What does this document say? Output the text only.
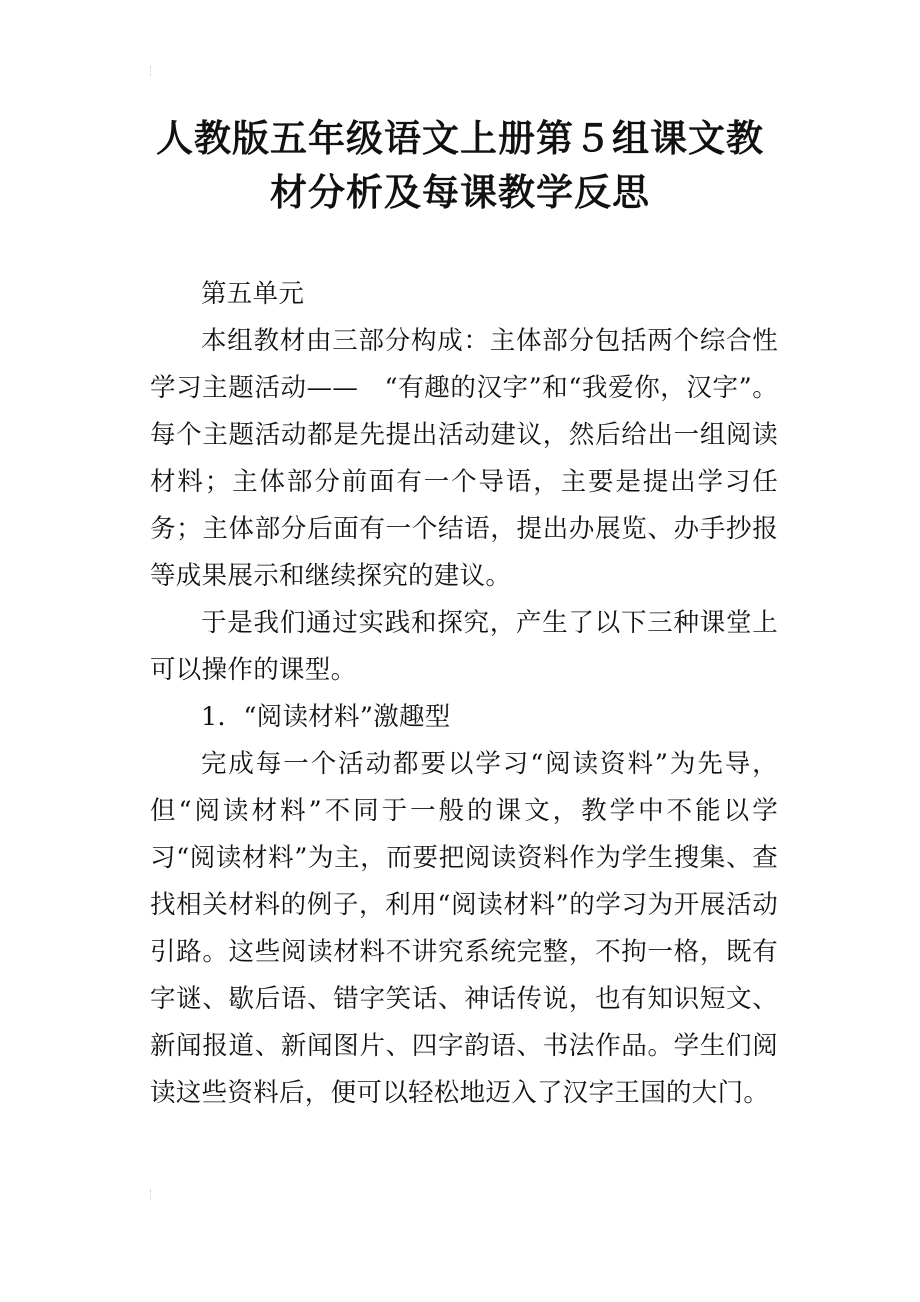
人教版五年级语文上册第５组课文教材分析及每课教学反思

第五单元

本组教材由三部分构成：主体部分包括两个综合性学习主题活动——　“有趣的汉字”和“我爱你，汉字”。每个主题活动都是先提出活动建议，然后给出一组阅读材料；主体部分前面有一个导语，主要是提出学习任务；主体部分后面有一个结语，提出办展览、办手抄报等成果展示和继续探究的建议。

于是我们通过实践和探究，产生了以下三种课堂上可以操作的课型。

1．“阅读材料”激趣型

完成每一个活动都要以学习“阅读资料”为先导，但“阅读材料”不同于一般的课文，教学中不能以学习“阅读材料”为主，而要把阅读资料作为学生搜集、查找相关材料的例子，利用“阅读材料”的学习为开展活动引路。这些阅读材料不讲究系统完整，不拘一格，既有字谜、歇后语、错字笑话、神话传说，也有知识短文、新闻报道、新闻图片、四字韵语、书法作品。学生们阅读这些资料后，便可以轻松地迈入了汉字王国的大门。
